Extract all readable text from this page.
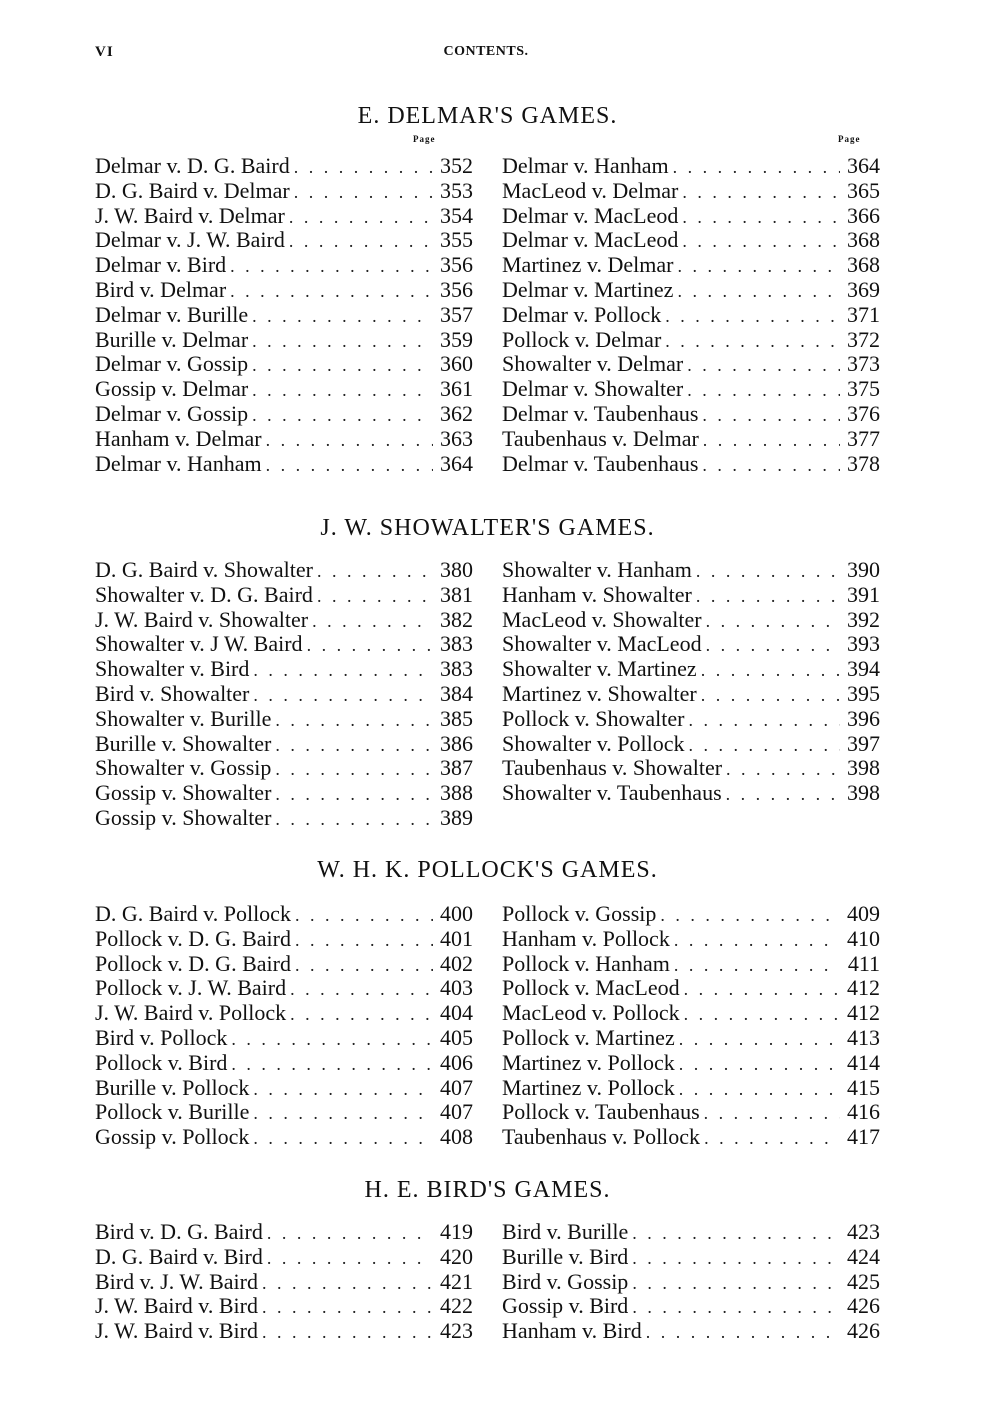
VI	CONTENTS.
E. DELMAR'S GAMES.
Page	Page
Delmar v. D. G. Baird . . .	352
D. G. Baird v. Delmar . . .	353
J. W. Baird v. Delmar . . .	354
Delmar v. J. W. Baird . . .	355
Delmar v. Bird . . .	356
Bird v. Delmar . . .	356
Delmar v. Burille . . .	357
Burille v. Delmar . . .	359
Delmar v. Gossip . . .	360
Gossip v. Delmar . . .	361
Delmar v. Gossip . . .	362
Hanham v. Delmar . . .	363
Delmar v. Hanham . . .	364
Delmar v. Hanham . . .	364
MacLeod v. Delmar . . .	365
Delmar v. MacLeod . . .	366
Delmar v. MacLeod . . .	368
Martinez v. Delmar . . .	368
Delmar v. Martinez . . .	369
Delmar v. Pollock . . .	371
Pollock v. Delmar . . .	372
Showalter v. Delmar . . .	373
Delmar v. Showalter . . .	375
Delmar v. Taubenhaus . . .	376
Taubenhaus v. Delmar . . .	377
Delmar v. Taubenhaus . . .	378
J. W. SHOWALTER'S GAMES.
D. G. Baird v. Showalter . . .	380
Showalter v. D. G. Baird . . .	381
J. W. Baird v. Showalter . . .	382
Showalter v. J W. Baird . . .	383
Showalter v. Bird . . .	383
Bird v. Showalter . . .	384
Showalter v. Burille . . .	385
Burille v. Showalter . . .	386
Showalter v. Gossip . . .	387
Gossip v. Showalter . . .	388
Gossip v. Showalter . . .	389
Showalter v. Hanham . . .	390
Hanham v. Showalter . . .	391
MacLeod v. Showalter . . .	392
Showalter v. MacLeod . . .	393
Showalter v. Martinez . . .	394
Martinez v. Showalter . . .	395
Pollock v. Showalter . . .	396
Showalter v. Pollock . . .	397
Taubenhaus v. Showalter . . .	398
Showalter v. Taubenhaus . . .	398
W. H. K. POLLOCK'S GAMES.
D. G. Baird v. Pollock . . .	400
Pollock v. D. G. Baird . . .	401
Pollock v. D. G. Baird . . .	402
Pollock v. J. W. Baird . . .	403
J. W. Baird v. Pollock . . .	404
Bird v. Pollock . . .	405
Pollock v. Bird . . .	406
Burille v. Pollock . . .	407
Pollock v. Burille . . .	407
Gossip v. Pollock . . .	408
Pollock v. Gossip . . .	409
Hanham v. Pollock . . .	410
Pollock v. Hanham . . .	411
Pollock v. MacLeod . . .	412
MacLeod v. Pollock . . .	412
Pollock v. Martinez . . .	413
Martinez v. Pollock . . .	414
Martinez v. Pollock . . .	415
Pollock v. Taubenhaus . . .	416
Taubenhaus v. Pollock . . .	417
H. E. BIRD'S GAMES.
Bird v. D. G. Baird . . .	419
D. G. Baird v. Bird . . .	420
Bird v. J. W. Baird . . .	421
J. W. Baird v. Bird . . .	422
J. W. Baird v. Bird . . .	423
Bird v. Burille . . .	423
Burille v. Bird . . .	424
Bird v. Gossip . . .	425
Gossip v. Bird . . .	426
Hanham v. Bird . . .	426
